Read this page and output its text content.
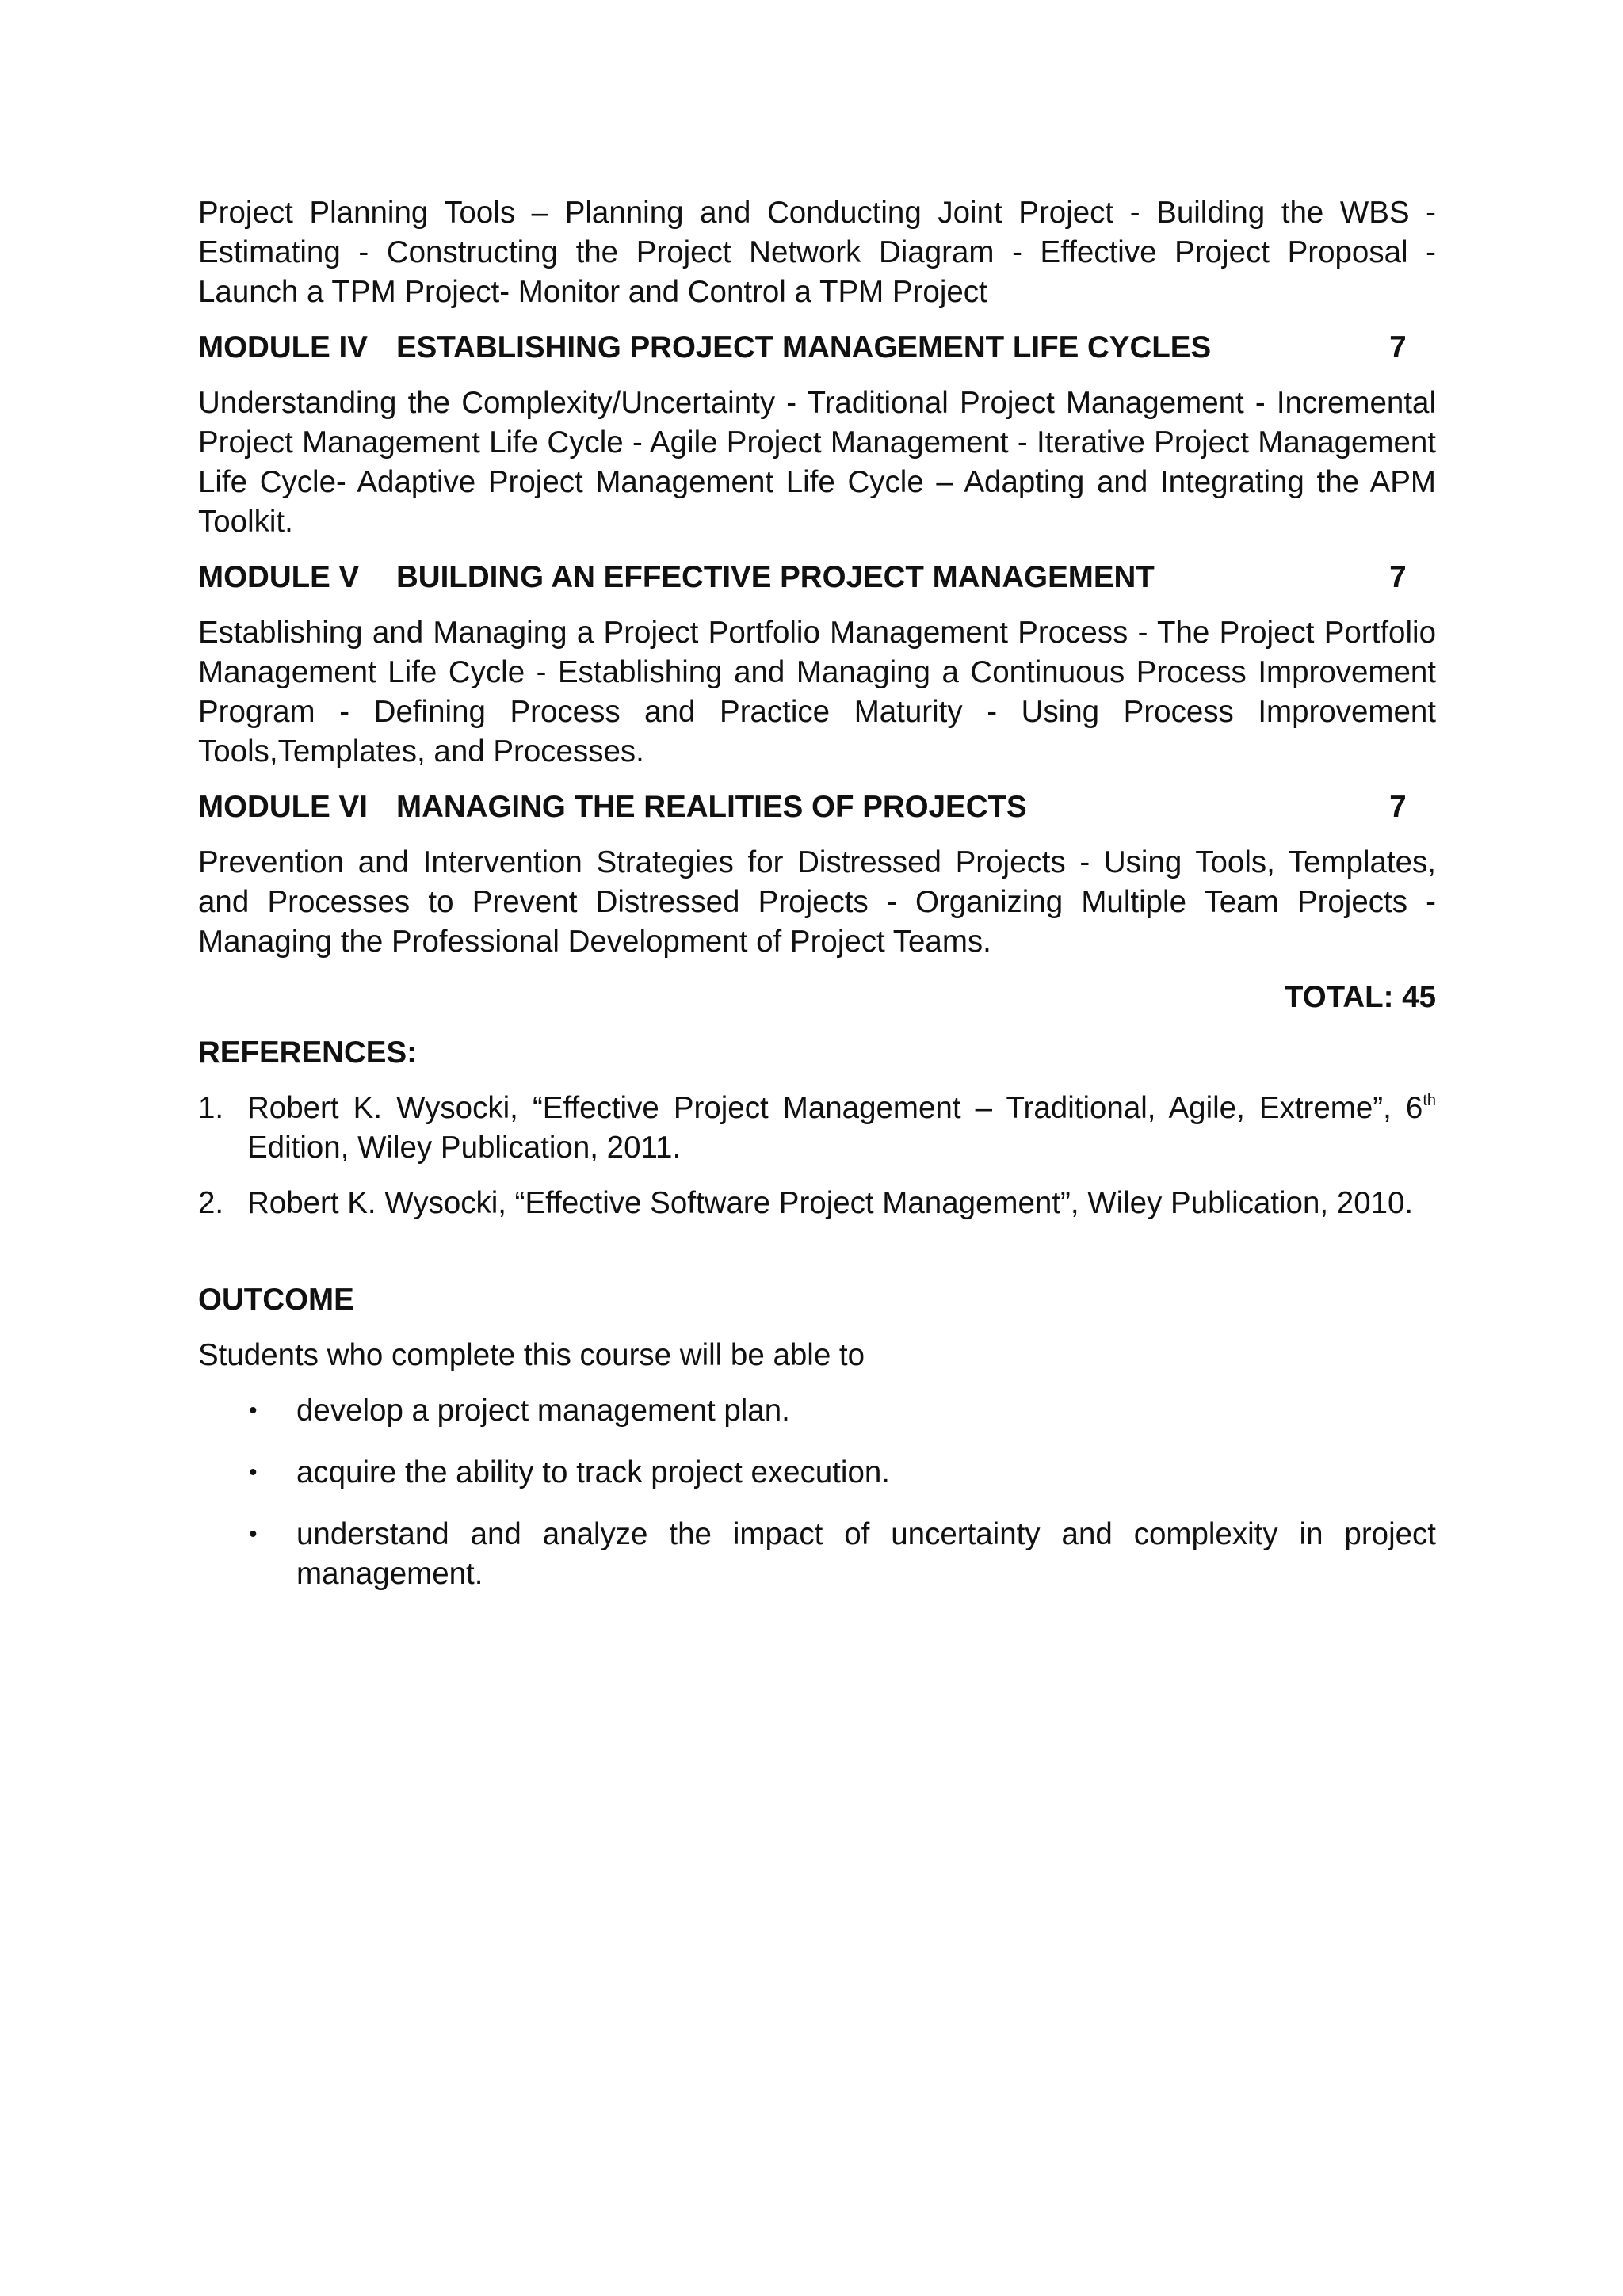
Project Planning Tools – Planning and Conducting Joint Project - Building the WBS - Estimating - Constructing the Project Network Diagram - Effective Project Proposal - Launch a TPM Project- Monitor and Control a TPM Project

MODULE IV ESTABLISHING PROJECT MANAGEMENT LIFE CYCLES	7

Understanding the Complexity/Uncertainty - Traditional Project Management - Incremental Project Management Life Cycle - Agile Project Management - Iterative Project Management Life Cycle- Adaptive Project Management Life Cycle – Adapting and Integrating the APM Toolkit.

MODULE V BUILDING AN EFFECTIVE PROJECT MANAGEMENT	7

Establishing and Managing a Project Portfolio Management Process - The Project Portfolio Management Life Cycle - Establishing and Managing a Continuous Process Improvement Program - Defining Process and Practice Maturity - Using Process Improvement Tools,Templates, and Processes.

MODULE VI MANAGING THE REALITIES OF PROJECTS	7

Prevention and Intervention Strategies for Distressed Projects - Using Tools, Templates, and Processes to Prevent Distressed Projects - Organizing Multiple Team Projects - Managing the Professional Development of Project Teams.

TOTAL: 45
REFERENCES:
1. Robert K. Wysocki, “Effective Project Management – Traditional, Agile, Extreme”, 6th Edition, Wiley Publication, 2011.
2. Robert K. Wysocki, “Effective Software Project Management”, Wiley Publication, 2010.
OUTCOME

Students who complete this course will be able to

• develop a project management plan.
• acquire the ability to track project execution.
• understand and analyze the impact of uncertainty and complexity in project management.
